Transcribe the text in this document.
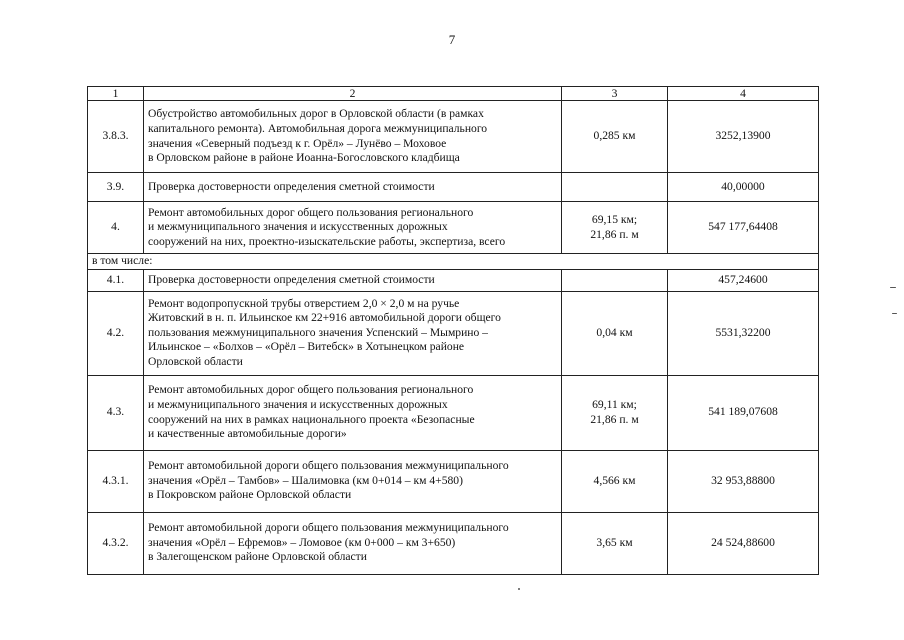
7
1	2	3	4
3.8.3.	Обустройство автомобильных дорог в Орловской области (в рамках
капитального ремонта). Автомобильная дорога межмуниципального
значения «Северный подъезд к г. Орёл» – Лунёво – Моховое
в Орловском районе в районе Иоанна-Богословского кладбища	0,285 км	3252,13900
3.9.	Проверка достоверности определения сметной стоимости		40,00000
4.	Ремонт автомобильных дорог общего пользования регионального
и межмуниципального значения и искусственных дорожных
сооружений на них, проектно-изыскательские работы, экспертиза, всего	69,15 км;
21,86 п. м	547 177,64408
в том числе:			
4.1.	Проверка достоверности определения сметной стоимости		457,24600
4.2.	Ремонт водопропускной трубы отверстием 2,0 × 2,0 м на ручье
Житовский в н. п. Ильинское км 22+916 автомобильной дороги общего
пользования межмуниципального значения Успенский – Мымрино –
Ильинское – «Болхов – «Орёл – Витебск» в Хотынецком районе
Орловской области	0,04 км	5531,32200
4.3.	Ремонт автомобильных дорог общего пользования регионального
и межмуниципального значения и искусственных дорожных
сооружений на них в рамках национального проекта «Безопасные
и качественные автомобильные дороги»	69,11 км;
21,86 п. м	541 189,07608
4.3.1.	Ремонт автомобильной дороги общего пользования межмуниципального
значения «Орёл – Тамбов» – Шалимовка (км 0+014 – км 4+580)
в Покровском районе Орловской области	4,566 км	32 953,88800
4.3.2.	Ремонт автомобильной дороги общего пользования межмуниципального
значения «Орёл – Ефремов» – Ломовое (км 0+000 – км 3+650)
в Залегощенском районе Орловской области	3,65 км	24 524,88600
